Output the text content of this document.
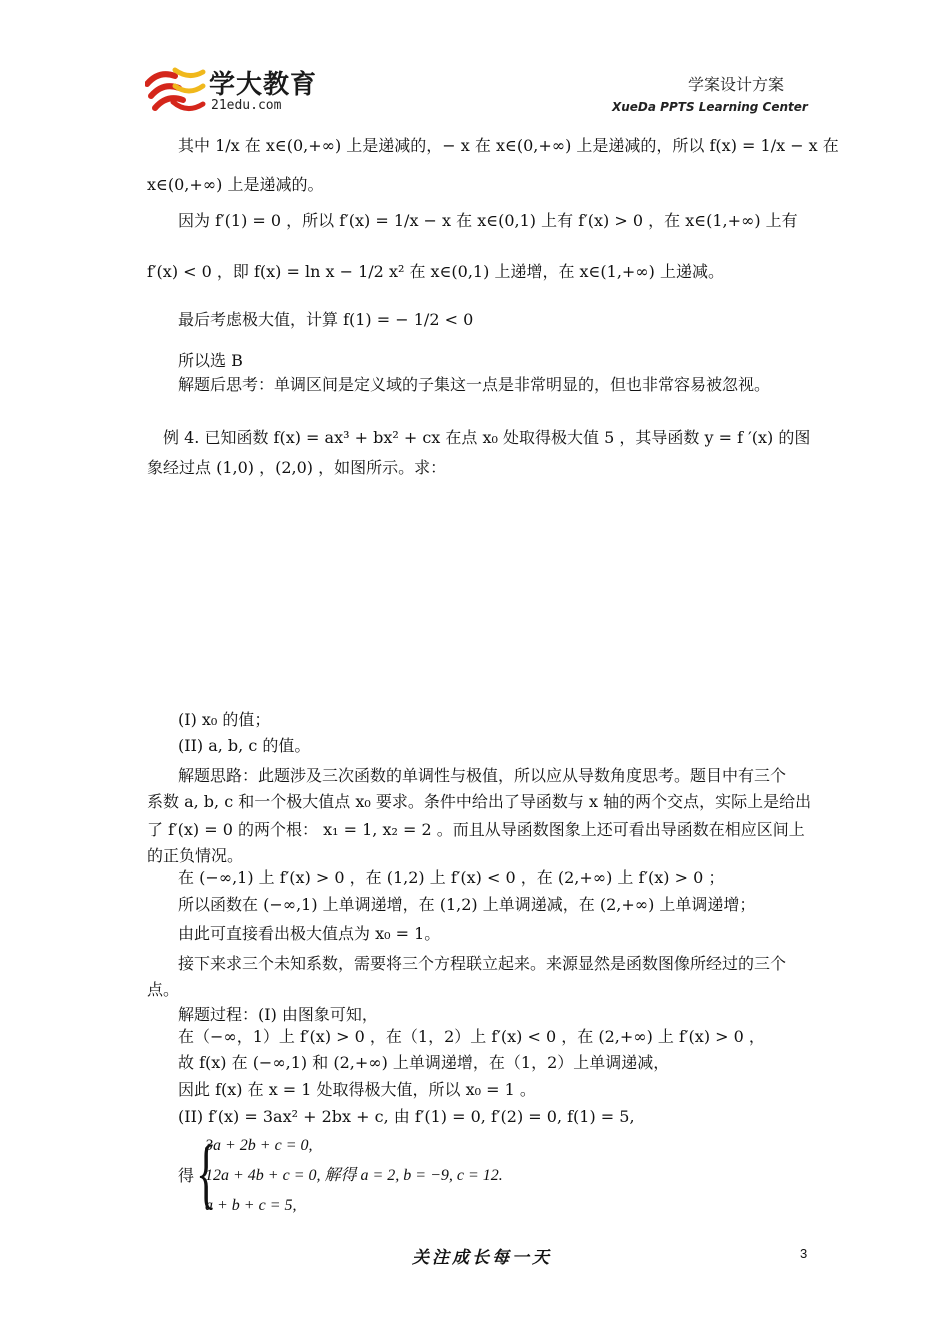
学大教育
21edu.com
学案设计方案
XueDa PPTS Learning Center
其中 1/x 在 x∈(0,+∞) 上是递减的，− x 在 x∈(0,+∞) 上是递减的，所以 f(x) = 1/x − x 在
x∈(0,+∞) 上是递减的。
因为 f′(1) = 0 ，所以 f′(x) = 1/x − x 在 x∈(0,1) 上有 f′(x) > 0 ，在 x∈(1,+∞) 上有
f′(x) < 0 ，即 f(x) = ln x − 1/2 x² 在 x∈(0,1) 上递增，在 x∈(1,+∞) 上递减。
最后考虑极大值，计算 f(1) = − 1/2 < 0
所以选 B
解题后思考：单调区间是定义域的子集这一点是非常明显的，但也非常容易被忽视。
例 4. 已知函数 f(x) = ax³ + bx² + cx 在点 x₀ 处取得极大值 5 ，其导函数 y = f ′(x) 的图
象经过点 (1,0) ，(2,0) ，如图所示。求：
(I) x₀ 的值；
(II) a, b, c 的值。
解题思路：此题涉及三次函数的单调性与极值，所以应从导数角度思考。题目中有三个
系数 a, b, c 和一个极大值点 x₀ 要求。条件中给出了导函数与 x 轴的两个交点，实际上是给出
了 f′(x) = 0 的两个根： x₁ = 1, x₂ = 2 。而且从导函数图象上还可看出导函数在相应区间上
的正负情况。
在 (−∞,1) 上 f′(x) > 0 ，在 (1,2) 上 f′(x) < 0 ，在 (2,+∞) 上 f′(x) > 0 ；
所以函数在 (−∞,1) 上单调递增，在 (1,2) 上单调递减，在 (2,+∞) 上单调递增；
由此可直接看出极大值点为 x₀ = 1。
接下来求三个未知系数，需要将三个方程联立起来。来源显然是函数图像所经过的三个
点。
解题过程：(I) 由图象可知，
在（−∞，1）上 f′(x) > 0 ，在（1，2）上 f′(x) < 0 ，在 (2,+∞) 上 f′(x) > 0 ，
故 f(x) 在 (−∞,1) 和 (2,+∞) 上单调递增，在（1，2）上单调递减，
因此 f(x) 在 x = 1 处取得极大值，所以 x₀ = 1 。
(II) f′(x) = 3ax² + 2bx + c, 由 f′(1) = 0, f′(2) = 0, f(1) = 5,
得 {
3a + 2b + c = 0,
12a + 4b + c = 0, 解得 a = 2, b = −9, c = 12.
a + b + c = 5,
关注成长每一天	3
